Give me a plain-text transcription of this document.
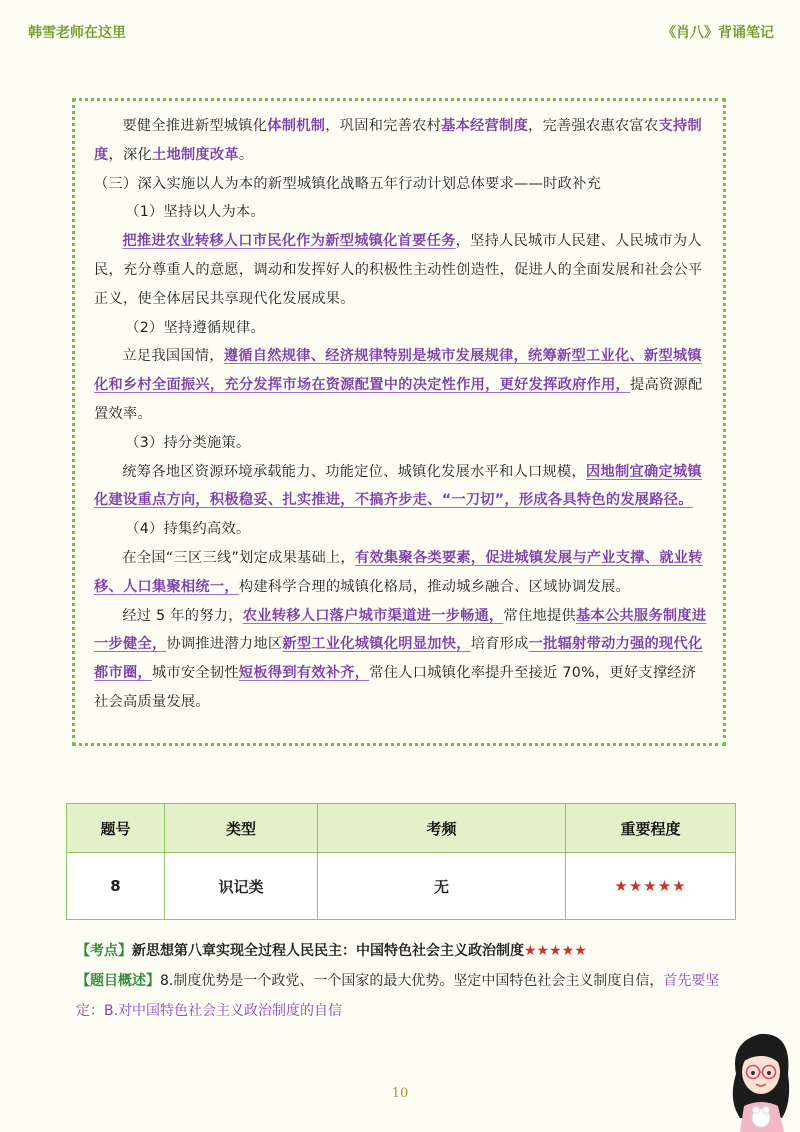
韩雪老师在这里	《肖八》背诵笔记

要健全推进新型城镇化体制机制，巩固和完善农村基本经营制度，完善强农惠农富农支持制度，深化土地制度改革。

（三）深入实施以人为本的新型城镇化战略五年行动计划总体要求——时政补充

（1）坚持以人为本。

把推进农业转移人口市民化作为新型城镇化首要任务，坚持人民城市人民建、人民城市为人民，充分尊重人的意愿，调动和发挥好人的积极性主动性创造性，促进人的全面发展和社会公平正义，使全体居民共享现代化发展成果。

（2）坚持遵循规律。

立足我国国情，遵循自然规律、经济规律特别是城市发展规律，统筹新型工业化、新型城镇化和乡村全面振兴，充分发挥市场在资源配置中的决定性作用，更好发挥政府作用，提高资源配置效率。

（3）持分类施策。

统筹各地区资源环境承载能力、功能定位、城镇化发展水平和人口规模，因地制宜确定城镇化建设重点方向，积极稳妥、扎实推进，不搞齐步走、“一刀切”，形成各具特色的发展路径。

（4）持集约高效。

在全国“三区三线”划定成果基础上，有效集聚各类要素，促进城镇发展与产业支撑、就业转移、人口集聚相统一，构建科学合理的城镇化格局，推动城乡融合、区域协调发展。

经过 5 年的努力，农业转移人口落户城市渠道进一步畅通，常住地提供基本公共服务制度进一步健全，协调推进潜力地区新型工业化城镇化明显加快，培育形成一批辐射带动力强的现代化都市圈，城市安全韧性短板得到有效补齐，常住人口城镇化率提升至接近 70%，更好支撑经济社会高质量发展。

题号	类型	考频	重要程度
8	识记类	无	★★★★★

【考点】新思想第八章实现全过程人民民主：中国特色社会主义政治制度★★★★★

【题目概述】8.制度优势是一个政党、一个国家的最大优势。坚定中国特色社会主义制度自信，首先要坚定：B.对中国特色社会主义政治制度的自信

10
